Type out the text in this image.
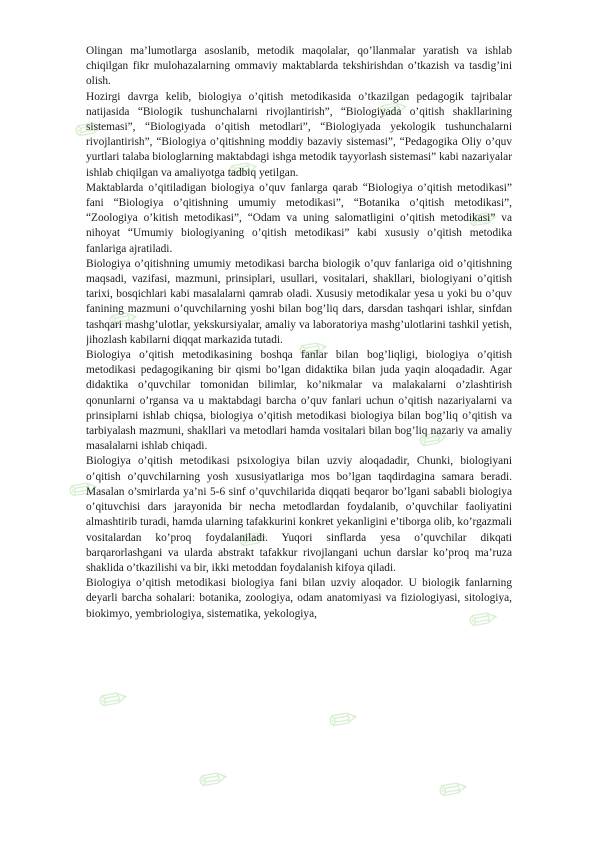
✎
✎
✎
✎
✎
✎
✎
✎
✎
✎
✎	✎
✎	✎

Olingan ma’lumotlarga asoslanib, metodik maqolalar, qo’llanmalar yaratish va ishlab chiqilgan fikr mulohazalarning ommaviy maktablarda tekshirishdan o’tkazish va tasdig’ini olish.

Hozirgi davrga kelib, biologiya o’qitish metodikasida o’tkazilgan pedagogik tajribalar natijasida “Biologik tushunchalarni rivojlantirish”, “Biologiyada o’qitish shakllarining sistemasi”, “Biologiyada o’qitish metodlari”, “Biologiyada yekologik tushunchalarni rivojlantirish”, “Biologiya o’qitishning moddiy bazaviy sistemasi”, “Pedagogika Oliy o’quv yurtlari talaba biologlarning maktabdagi ishga metodik tayyorlash sistemasi” kabi nazariyalar ishlab chiqilgan va amaliyotga tadbiq yetilgan.

Maktablarda o’qitiladigan biologiya o’quv fanlarga qarab “Biologiya o’qitish metodikasi” fani “Biologiya o’qitishning umumiy metodikasi”, “Botanika o’qitish metodikasi”, “Zoologiya o’kitish metodikasi”, “Odam va uning salomatligini o’qitish metodikasi” va nihoyat “Umumiy biologiyaning o’qitish metodikasi” kabi xususiy o’qitish metodika fanlariga ajratiladi.

Biologiya o’qitishning umumiy metodikasi barcha biologik o’quv fanlariga oid o’qitishning maqsadi, vazifasi, mazmuni, prinsiplari, usullari, vositalari, shakllari, biologiyani o’qitish tarixi, bosqichlari kabi masalalarni qamrab oladi. Xususiy metodikalar yesa u yoki bu o’quv fanining mazmuni o’quvchilarning yoshi bilan bog’liq dars, darsdan tashqari ishlar, sinfdan tashqari mashg’ulotlar, yekskursiyalar, amaliy va laboratoriya mashg’ulotlarini tashkil yetish, jihozlash kabilarni diqqat markazida tutadi.

Biologiya o’qitish metodikasining boshqa fanlar bilan bog’liqligi, biologiya o’qitish metodikasi pedagogikaning bir qismi bo’lgan didaktika bilan juda yaqin aloqadadir. Agar didaktika o’quvchilar tomonidan bilimlar, ko’nikmalar va malakalarni o’zlashtirish qonunlarni o’rgansa va u maktabdagi barcha o’quv fanlari uchun o’qitish nazariyalarni va prinsiplarni ishlab chiqsa, biologiya o’qitish metodikasi biologiya bilan bog’liq o’qitish va tarbiyalash mazmuni, shakllari va metodlari hamda vositalari bilan bog’liq nazariy va amaliy masalalarni ishlab chiqadi.

Biologiya o’qitish metodikasi psixologiya bilan uzviy aloqadadir, Chunki, biologiyani o’qitish o’quvchilarning yosh xususiyatlariga mos bo’lgan taqdirdagina samara beradi. Masalan o’smirlarda ya’ni 5-6 sinf o’quvchilarida diqqati beqaror bo’lgani sababli biologiya o’qituvchisi dars jarayonida bir necha metodlardan foydalanib, o’quvchilar faoliyatini almashtirib turadi, hamda ularning tafakkurini konkret yekanligini e’tiborga olib, ko’rgazmali vositalardan ko’proq foydalaniladi. Yuqori sinflarda yesa o’quvchilar dikqati barqarorlashgani va ularda abstrakt tafakkur rivojlangani uchun darslar ko’proq ma’ruza shaklida o’tkazilishi va bir, ikki metoddan foydalanish kifoya qiladi.

Biologiya o’qitish metodikasi biologiya fani bilan uzviy aloqador. U biologik fanlarning deyarli barcha sohalari: botanika, zoologiya, odam anatomiyasi va fiziologiyasi, sitologiya, biokimyo, yembriologiya, sistematika, yekologiya,
